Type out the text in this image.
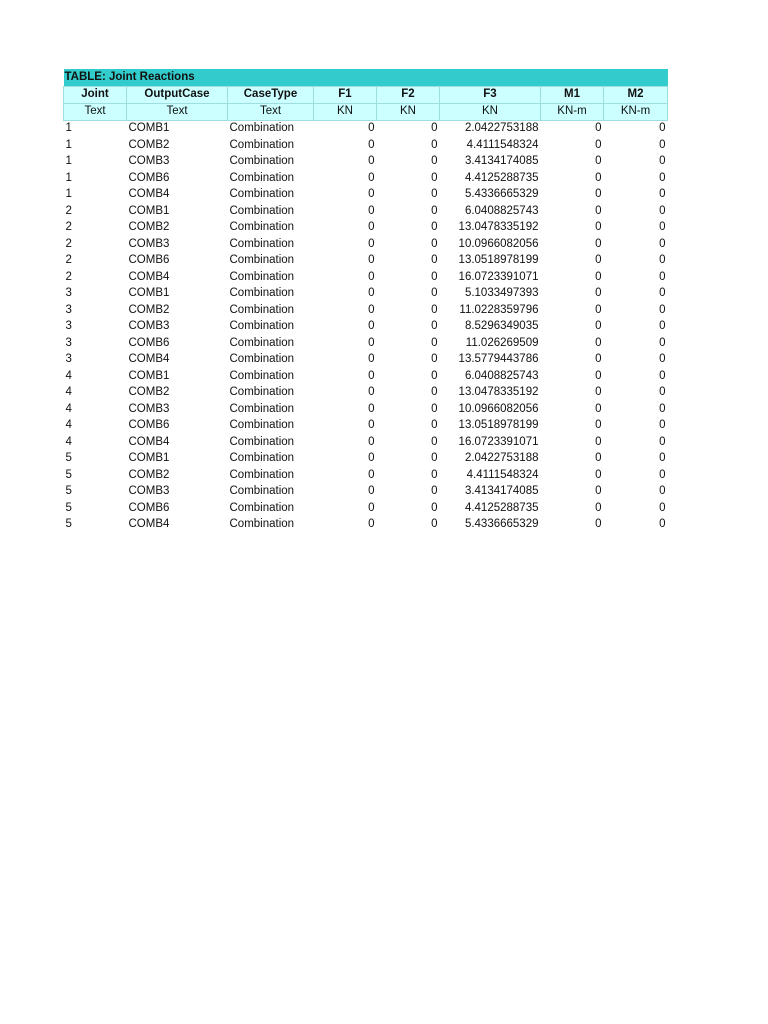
TABLE: Joint Reactions							
Joint	OutputCase	CaseType	F1	F2	F3	M1	M2
Text	Text	Text	KN	KN	KN	KN-m	KN-m
1	COMB1	Combination	0	0	2.0422753188	0	0
1	COMB2	Combination	0	0	4.4111548324	0	0
1	COMB3	Combination	0	0	3.4134174085	0	0
1	COMB6	Combination	0	0	4.4125288735	0	0
1	COMB4	Combination	0	0	5.4336665329	0	0
2	COMB1	Combination	0	0	6.0408825743	0	0
2	COMB2	Combination	0	0	13.0478335192	0	0
2	COMB3	Combination	0	0	10.0966082056	0	0
2	COMB6	Combination	0	0	13.0518978199	0	0
2	COMB4	Combination	0	0	16.0723391071	0	0
3	COMB1	Combination	0	0	5.1033497393	0	0
3	COMB2	Combination	0	0	11.0228359796	0	0
3	COMB3	Combination	0	0	8.5296349035	0	0
3	COMB6	Combination	0	0	11.026269509	0	0
3	COMB4	Combination	0	0	13.5779443786	0	0
4	COMB1	Combination	0	0	6.0408825743	0	0
4	COMB2	Combination	0	0	13.0478335192	0	0
4	COMB3	Combination	0	0	10.0966082056	0	0
4	COMB6	Combination	0	0	13.0518978199	0	0
4	COMB4	Combination	0	0	16.0723391071	0	0
5	COMB1	Combination	0	0	2.0422753188	0	0
5	COMB2	Combination	0	0	4.4111548324	0	0
5	COMB3	Combination	0	0	3.4134174085	0	0
5	COMB6	Combination	0	0	4.4125288735	0	0
5	COMB4	Combination	0	0	5.4336665329	0	0
